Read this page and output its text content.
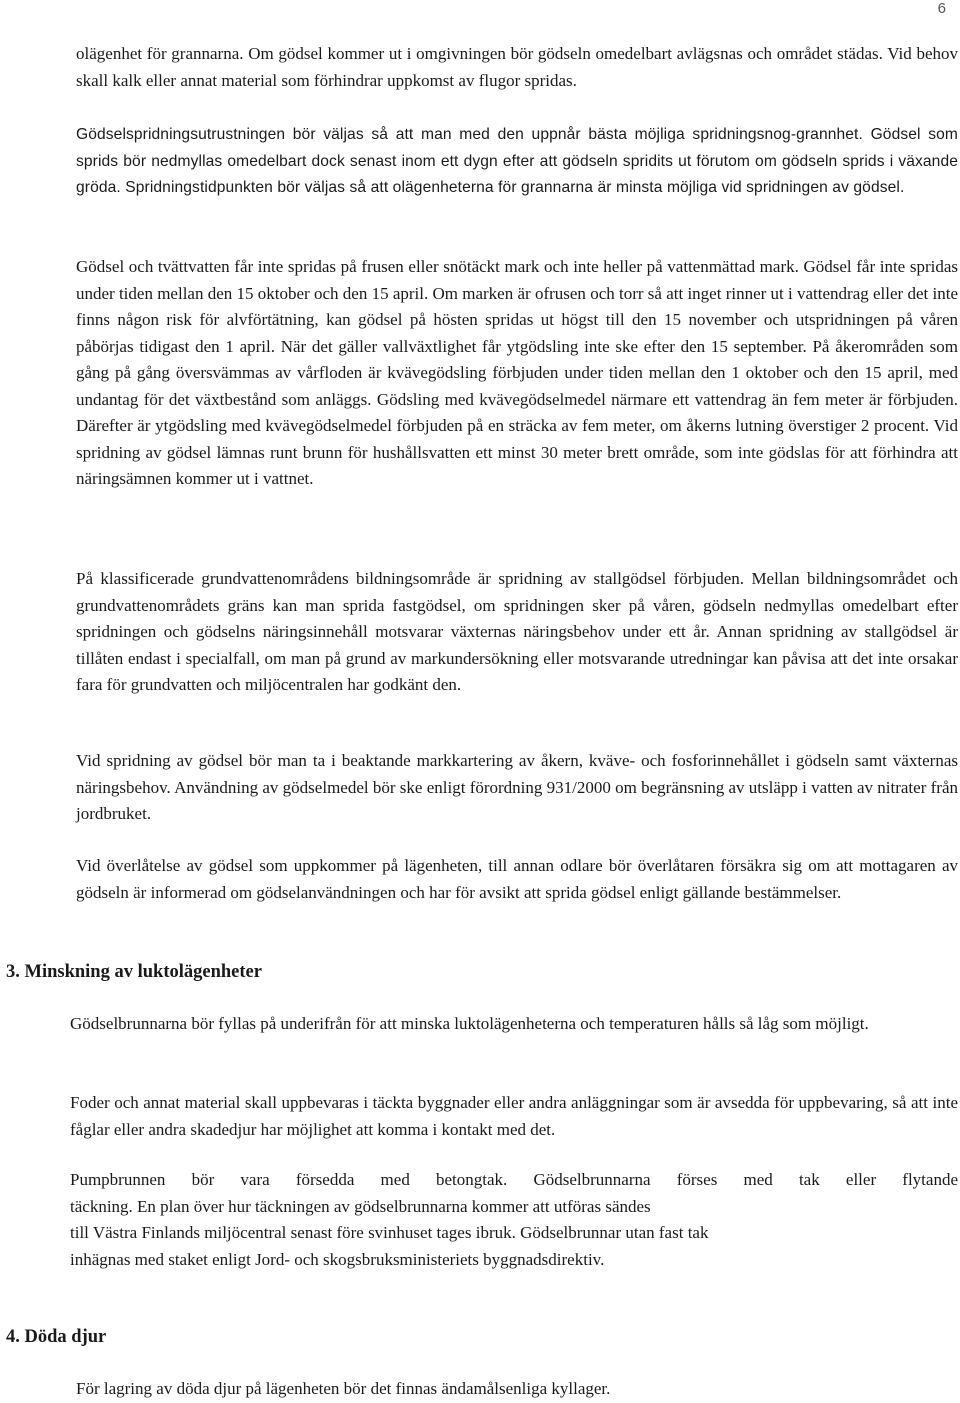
6

olägenhet för grannarna. Om gödsel kommer ut i omgivningen bör gödseln omedelbart avlägsnas och området städas. Vid behov skall kalk eller annat material som förhindrar uppkomst av flugor spridas.

Gödselspridningsutrustningen bör väljas så att man med den uppnår bästa möjliga spridningsnog-grannhet. Gödsel som sprids bör nedmyllas omedelbart dock senast inom ett dygn efter att gödseln spridits ut förutom om gödseln sprids i växande gröda. Spridningstidpunkten bör väljas så att olägenheterna för grannarna är minsta möjliga vid spridningen av gödsel.

Gödsel och tvättvatten får inte spridas på frusen eller snötäckt mark och inte heller på vattenmättad mark. Gödsel får inte spridas under tiden mellan den 15 oktober och den 15 april. Om marken är ofrusen och torr så att inget rinner ut i vattendrag eller det inte finns någon risk för alvförtätning, kan gödsel på hösten spridas ut högst till den 15 november och utspridningen på våren påbörjas tidigast den 1 april. När det gäller vallväxtlighet får ytgödsling inte ske efter den 15 september. På åkerområden som gång på gång översvämmas av vårfloden är kvävegödsling förbjuden under tiden mellan den 1 oktober och den 15 april, med undantag för det växtbestånd som anläggs. Gödsling med kvävegödselmedel närmare ett vattendrag än fem meter är förbjuden. Därefter är ytgödsling med kvävegödselmedel förbjuden på en sträcka av fem meter, om åkerns lutning överstiger 2 procent. Vid spridning av gödsel lämnas runt brunn för hushållsvatten ett minst 30 meter brett område, som inte gödslas för att förhindra att näringsämnen kommer ut i vattnet.

På klassificerade grundvattenområdens bildningsområde är spridning av stallgödsel förbjuden. Mellan bildningsområdet och grundvattenområdets gräns kan man sprida fastgödsel, om spridningen sker på våren, gödseln nedmyllas omedelbart efter spridningen och gödselns näringsinnehåll motsvarar växternas näringsbehov under ett år. Annan spridning av stallgödsel är tillåten endast i specialfall, om man på grund av markundersökning eller motsvarande utredningar kan påvisa att det inte orsakar fara för grundvatten och miljöcentralen har godkänt den.

Vid spridning av gödsel bör man ta i beaktande markkartering av åkern, kväve- och fosforinnehållet i gödseln samt växternas näringsbehov. Användning av gödselmedel bör ske enligt förordning 931/2000 om begränsning av utsläpp i vatten av nitrater från jordbruket.

Vid överlåtelse av gödsel som uppkommer på lägenheten, till annan odlare bör överlåtaren försäkra sig om att mottagaren av gödseln är informerad om gödselanvändningen och har för avsikt att sprida gödsel enligt gällande bestämmelser.

3. Minskning av luktolägenheter

Gödselbrunnarna bör fyllas på underifrån för att minska luktolägenheterna och temperaturen hålls så låg som möjligt.

Foder och annat material skall uppbevaras i täckta byggnader eller andra anläggningar som är avsedda för uppbevaring, så att inte fåglar eller andra skadedjur har möjlighet att komma i kontakt med det.

Pumpbrunnen bör vara försedda med betongtak. Gödselbrunnarna förses med tak eller flytande
täckning. En plan över hur täckningen av gödselbrunnarna kommer att utföras sändes
till Västra Finlands miljöcentral senast före svinhuset tages ibruk. Gödselbrunnar utan fast tak
inhägnas med staket enligt Jord- och skogsbruksministeriets byggnadsdirektiv.

4. Döda djur

För lagring av döda djur på lägenheten bör det finnas ändamålsenliga kyllager.
